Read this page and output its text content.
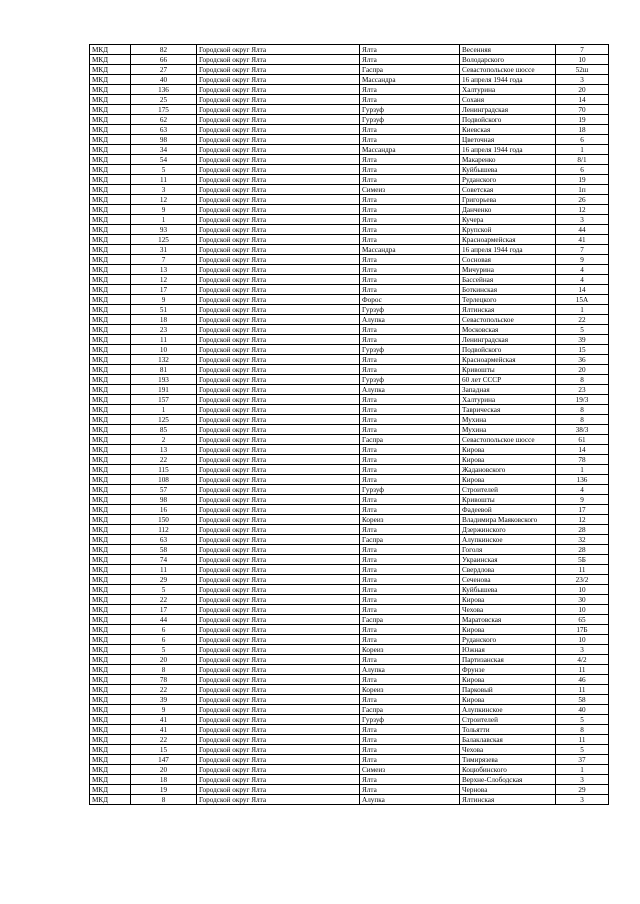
МКД	82	Городской округ Ялта	Ялта	Весенняя	7
МКД	66	Городской округ Ялта	Ялта	Володарского	10
МКД	27	Городской округ Ялта	Гаспра	Севастопольское шоссе	52ш
МКД	40	Городской округ Ялта	Массандра	16 апреля 1944 года	3
МКД	136	Городской округ Ялта	Ялта	Халтурина	20
МКД	25	Городской округ Ялта	Ялта	Соханя	14
МКД	175	Городской округ Ялта	Гурзуф	Ленинградская	70
МКД	62	Городской округ Ялта	Гурзуф	Подвойского	19
МКД	63	Городской округ Ялта	Ялта	Киевская	18
МКД	98	Городской округ Ялта	Ялта	Цветочная	6
МКД	34	Городской округ Ялта	Массандра	16 апреля 1944 года	1
МКД	54	Городской округ Ялта	Ялта	Макаренко	8/1
МКД	5	Городской округ Ялта	Ялта	Куйбышева	6
МКД	11	Городской округ Ялта	Ялта	Руданского	19
МКД	3	Городской округ Ялта	Симеиз	Советская	1п
МКД	12	Городской округ Ялта	Ялта	Григорьева	26
МКД	9	Городской округ Ялта	Ялта	Данченко	12
МКД	1	Городской округ Ялта	Ялта	Кучера	3
МКД	93	Городской округ Ялта	Ялта	Крупской	44
МКД	125	Городской округ Ялта	Ялта	Красноармейская	41
МКД	31	Городской округ Ялта	Массандра	16 апреля 1944 года	7
МКД	7	Городской округ Ялта	Ялта	Сосновая	9
МКД	13	Городской округ Ялта	Ялта	Мичурина	4
МКД	12	Городской округ Ялта	Ялта	Бассейная	4
МКД	17	Городской округ Ялта	Ялта	Боткинская	14
МКД	9	Городской округ Ялта	Форос	Терлецкого	15А
МКД	51	Городской округ Ялта	Гурзуф	Ялтинская	1
МКД	18	Городской округ Ялта	Алупка	Севастопольское	22
МКД	23	Городской округ Ялта	Ялта	Московская	5
МКД	11	Городской округ Ялта	Ялта	Ленинградская	39
МКД	10	Городской округ Ялта	Гурзуф	Подвойского	15
МКД	132	Городской округ Ялта	Ялта	Красноармейская	36
МКД	81	Городской округ Ялта	Ялта	Кривошты	20
МКД	193	Городской округ Ялта	Гурзуф	60 лет СССР	8
МКД	191	Городской округ Ялта	Алупка	Западная	23
МКД	157	Городской округ Ялта	Ялта	Халтурина	19/3
МКД	1	Городской округ Ялта	Ялта	Таврическая	8
МКД	125	Городской округ Ялта	Ялта	Мухина	8
МКД	85	Городской округ Ялта	Ялта	Мухина	38/3
МКД	2	Городской округ Ялта	Гаспра	Севастопольское шоссе	61
МКД	13	Городской округ Ялта	Ялта	Кирова	14
МКД	22	Городской округ Ялта	Ялта	Кирова	78
МКД	115	Городской округ Ялта	Ялта	Жадановского	1
МКД	108	Городской округ Ялта	Ялта	Кирова	136
МКД	57	Городской округ Ялта	Гурзуф	Строителей	4
МКД	98	Городской округ Ялта	Ялта	Кривошты	9
МКД	16	Городской округ Ялта	Ялта	Фадеевой	17
МКД	150	Городской округ Ялта	Кореиз	Владимира Маяковского	12
МКД	112	Городской округ Ялта	Ялта	Дзержинского	28
МКД	63	Городской округ Ялта	Гаспра	Алупкинское	32
МКД	58	Городской округ Ялта	Ялта	Гоголя	28
МКД	74	Городской округ Ялта	Ялта	Украинская	5Б
МКД	11	Городской округ Ялта	Ялта	Свердлова	11
МКД	29	Городской округ Ялта	Ялта	Сеченова	23/2
МКД	5	Городской округ Ялта	Ялта	Куйбышева	10
МКД	22	Городской округ Ялта	Ялта	Кирова	30
МКД	17	Городской округ Ялта	Ялта	Чехова	10
МКД	44	Городской округ Ялта	Гаспра	Маратовская	65
МКД	6	Городской округ Ялта	Ялта	Кирова	17Б
МКД	6	Городской округ Ялта	Ялта	Руданского	10
МКД	5	Городской округ Ялта	Кореиз	Южная	3
МКД	20	Городской округ Ялта	Ялта	Партизанская	4/2
МКД	8	Городской округ Ялта	Алупка	Фрунзе	11
МКД	78	Городской округ Ялта	Ялта	Кирова	46
МКД	22	Городской округ Ялта	Кореиз	Парковый	11
МКД	39	Городской округ Ялта	Ялта	Кирова	58
МКД	9	Городской округ Ялта	Гаспра	Алупкинское	40
МКД	41	Городской округ Ялта	Гурзуф	Строителей	5
МКД	41	Городской округ Ялта	Ялта	Тольятти	8
МКД	22	Городской округ Ялта	Ялта	Балаклавская	11
МКД	15	Городской округ Ялта	Ялта	Чехова	5
МКД	147	Городской округ Ялта	Ялта	Тимирязева	37
МКД	20	Городской округ Ялта	Симеиз	Коцюбинского	1
МКД	18	Городской округ Ялта	Ялта	Верхне-Слободская	3
МКД	19	Городской округ Ялта	Ялта	Чернова	29
МКД	8	Городской округ Ялта	Алупка	Ялтинская	3
